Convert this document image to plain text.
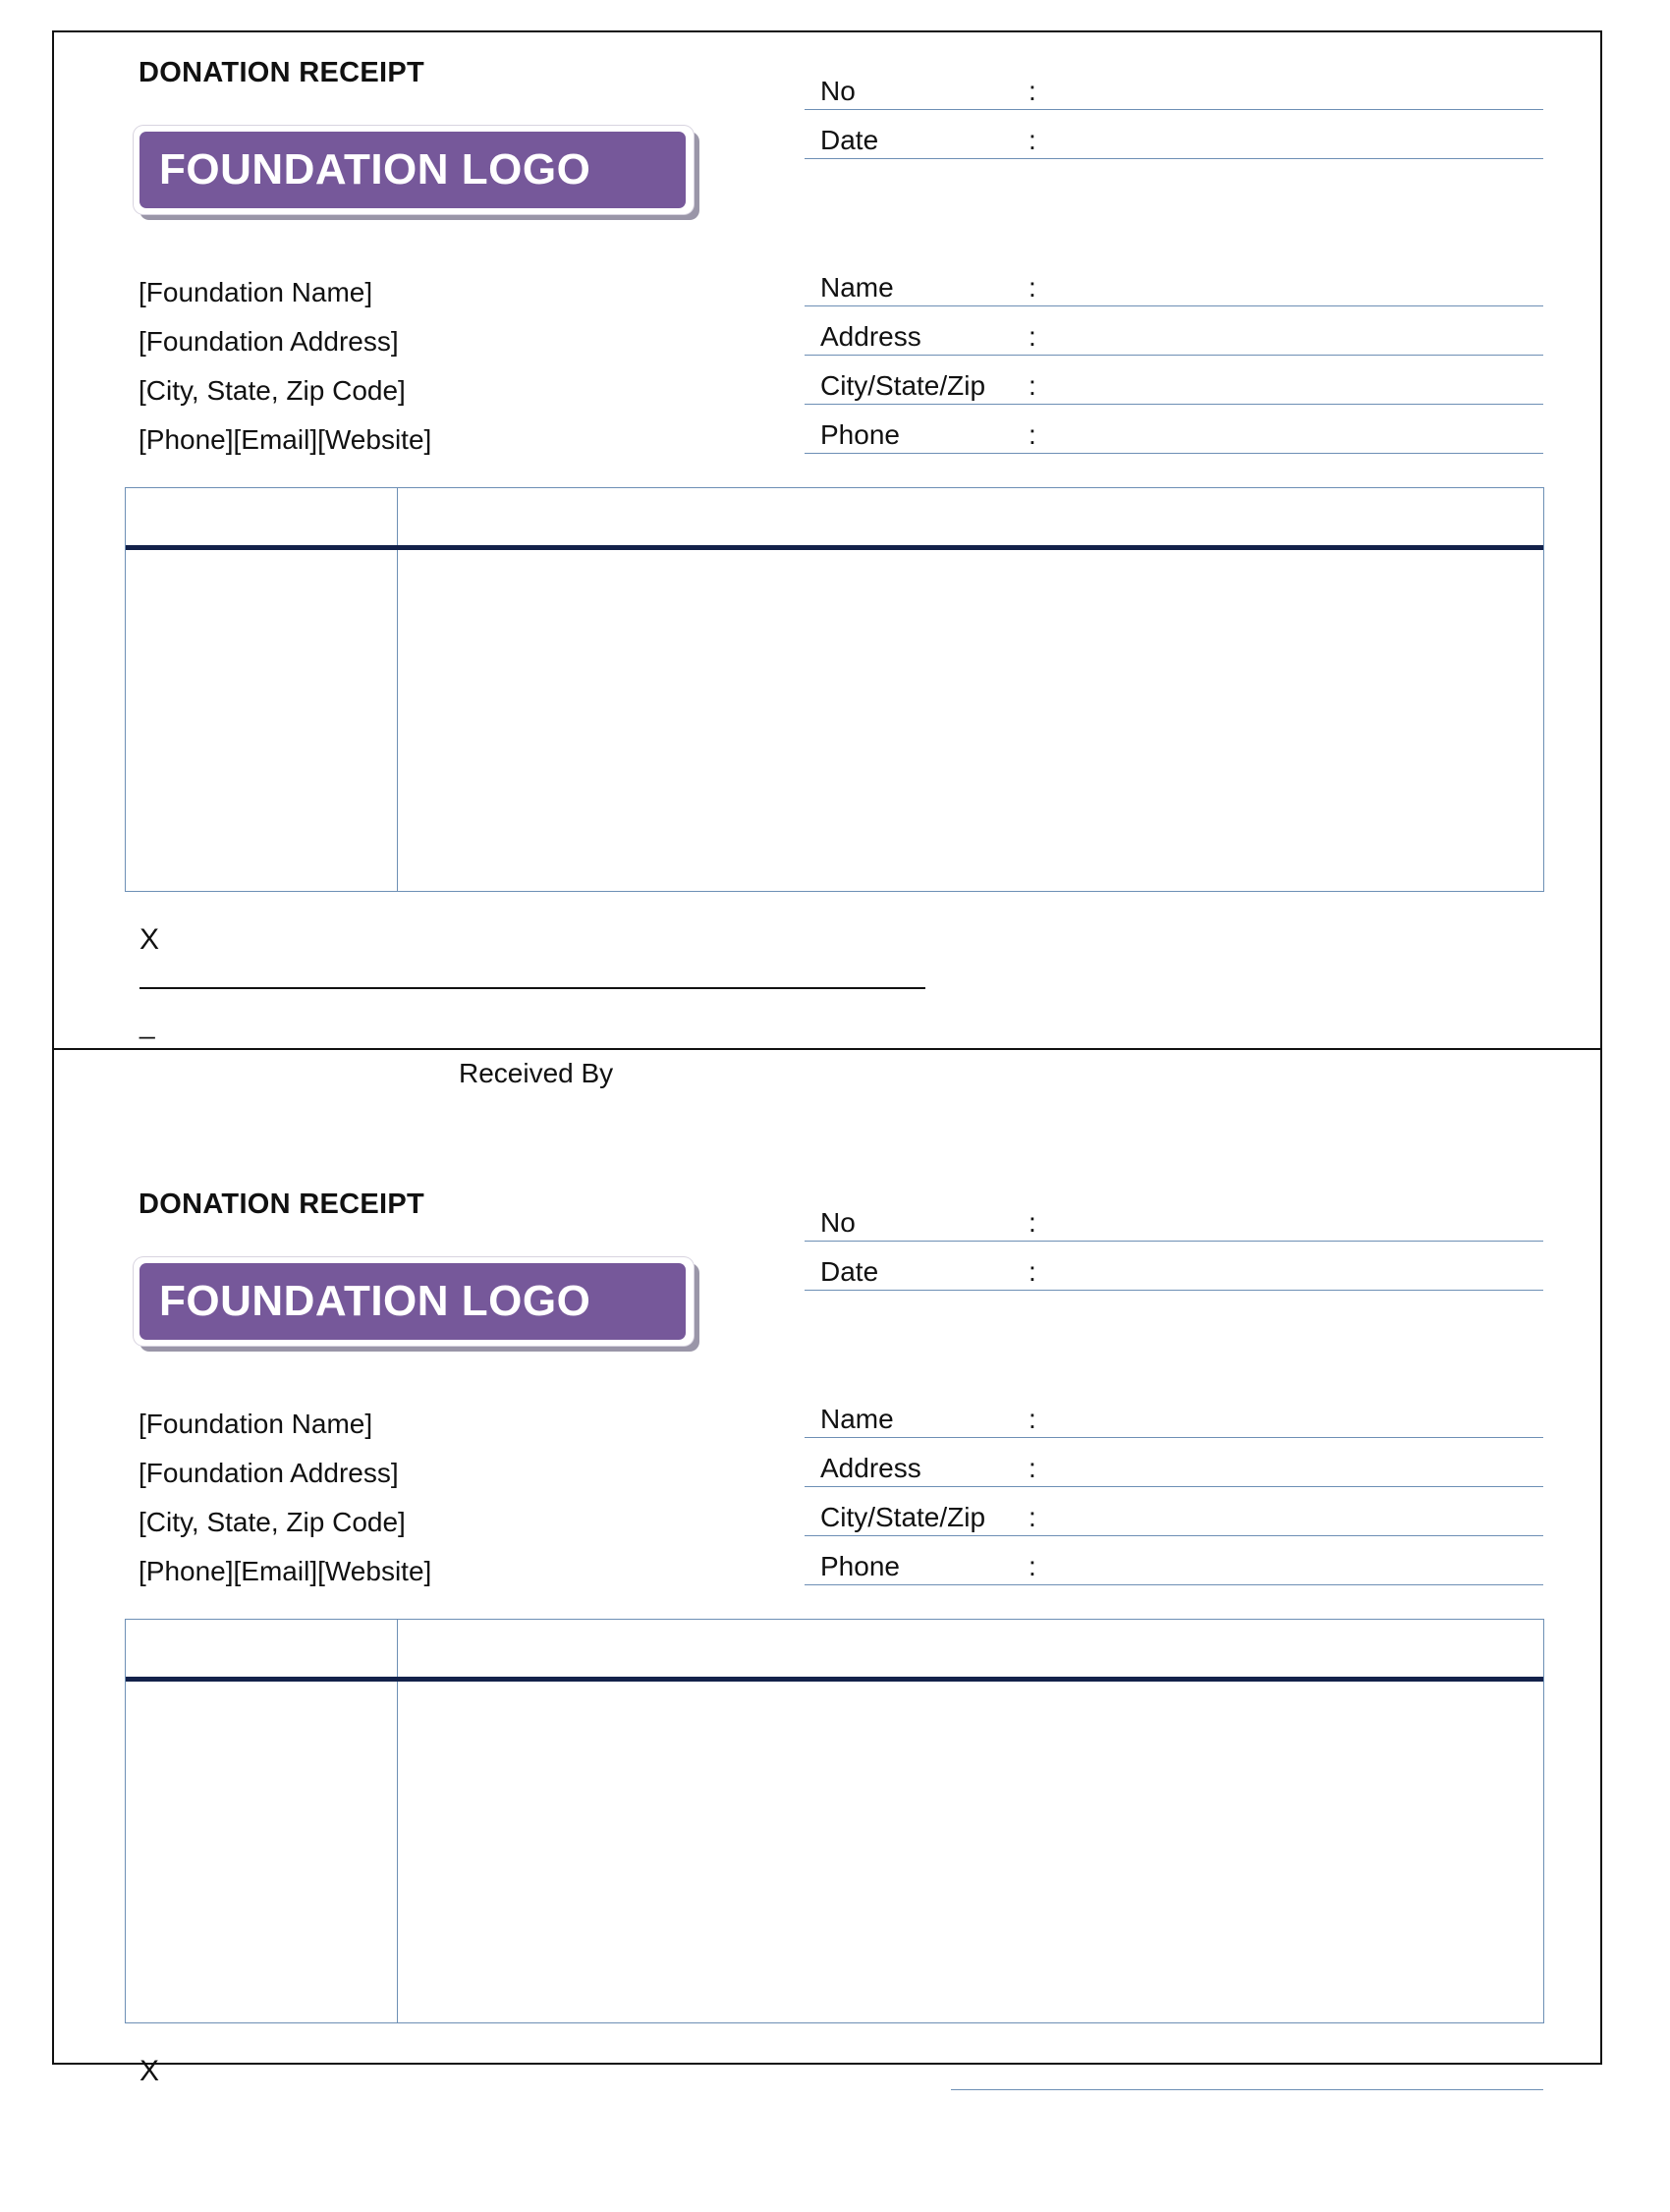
DONATION RECEIPT
FOUNDATION LOGO
[Foundation Name]
[Foundation Address]
[City, State, Zip Code]
[Phone][Email][Website]
No	:
Date	:
Name	:
Address	:
City/State/Zip :
Phone	:
X
_
Received By
DONATION RECEIPT
FOUNDATION LOGO
[Foundation Name]
[Foundation Address]
[City, State, Zip Code]
[Phone][Email][Website]
No	:
Date	:
Name	:
Address	:
City/State/Zip :
Phone	:
X
